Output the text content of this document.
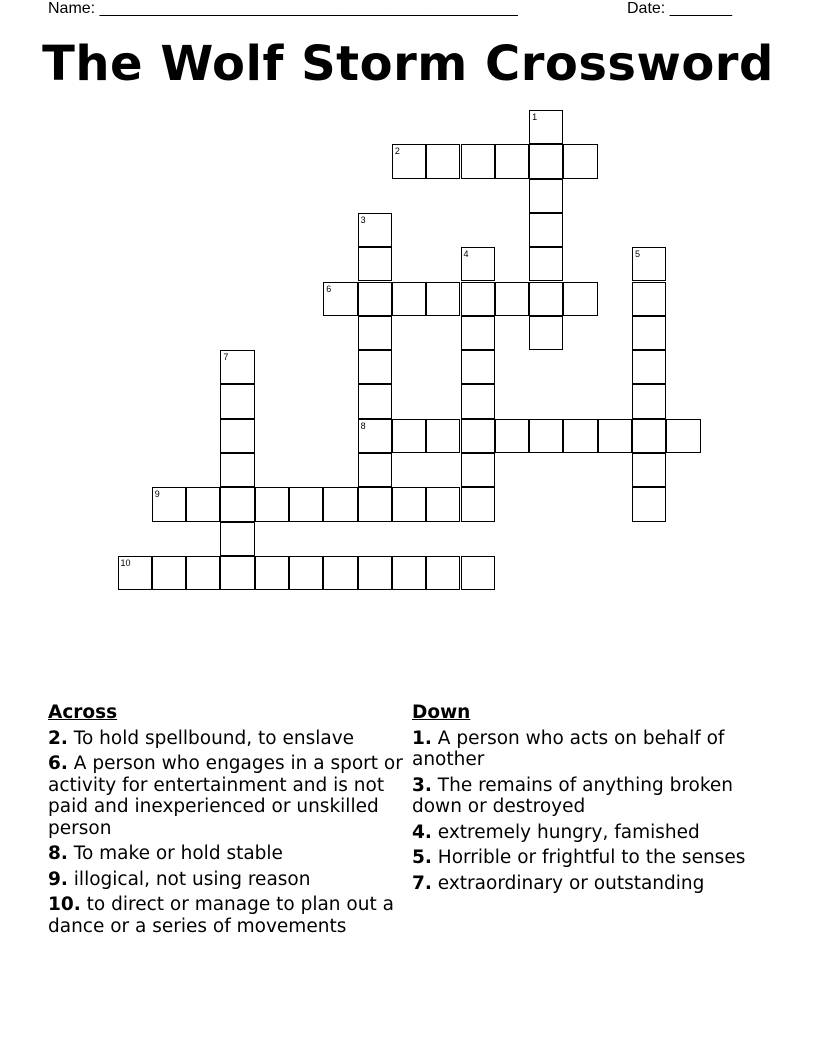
Name: _______________________________________________	Date: _______
The Wolf Storm Crossword
1
2
3
8
4	5
6
7
9
10
Across
2. To hold spellbound, to enslave
6. A person who engages in a sport or activity for entertainment and is not paid and inexperienced or unskilled person
8. To make or hold stable
9. illogical, not using reason
10. to direct or manage to plan out a dance or a series of movements
Down
1. A person who acts on behalf of another
3. The remains of anything broken down or destroyed
4. extremely hungry, famished
5. Horrible or frightful to the senses
7. extraordinary or outstanding
